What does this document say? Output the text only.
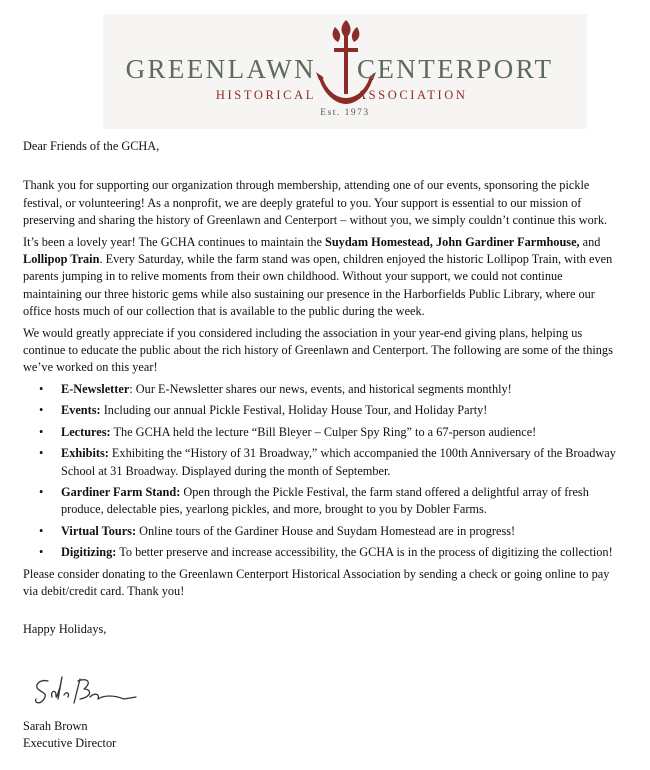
GREENLAWN
HISTORICAL
CENTERPORT
ASSOCIATION
Est. 1973

Dear Friends of the GCHA,

Thank you for supporting our organization through membership, attending one of our events, sponsoring the pickle festival, or volunteering! As a nonprofit, we are deeply grateful to you. Your support is essential to our mission of preserving and sharing the history of Greenlawn and Centerport – without you, we simply couldn’t continue this work.

It’s been a lovely year! The GCHA continues to maintain the Suydam Homestead, John Gardiner Farmhouse, and Lollipop Train. Every Saturday, while the farm stand was open, children enjoyed the historic Lollipop Train, with even parents jumping in to relive moments from their own childhood. Without your support, we could not continue maintaining our three historic gems while also sustaining our presence in the Harborfields Public Library, where our office hosts much of our collection that is available to the public during the week.

We would greatly appreciate if you considered including the association in your year-end giving plans, helping us continue to educate the public about the rich history of Greenlawn and Centerport. The following are some of the things we’ve worked on this year!

• E-Newsletter: Our E-Newsletter shares our news, events, and historical segments monthly!
• Events: Including our annual Pickle Festival, Holiday House Tour, and Holiday Party!
• Lectures: The GCHA held the lecture “Bill Bleyer – Culper Spy Ring” to a 67-person audience!
• Exhibits: Exhibiting the “History of 31 Broadway,” which accompanied the 100th Anniversary of the Broadway School at 31 Broadway. Displayed during the month of September.
• Gardiner Farm Stand: Open through the Pickle Festival, the farm stand offered a delightful array of fresh produce, delectable pies, yearlong pickles, and more, brought to you by Dobler Farms.
• Virtual Tours: Online tours of the Gardiner House and Suydam Homestead are in progress!
• Digitizing: To better preserve and increase accessibility, the GCHA is in the process of digitizing the collection!

Please consider donating to the Greenlawn Centerport Historical Association by sending a check or going online to pay via debit/credit card. Thank you!

Happy Holidays,

Sarah Brown
Executive Director
